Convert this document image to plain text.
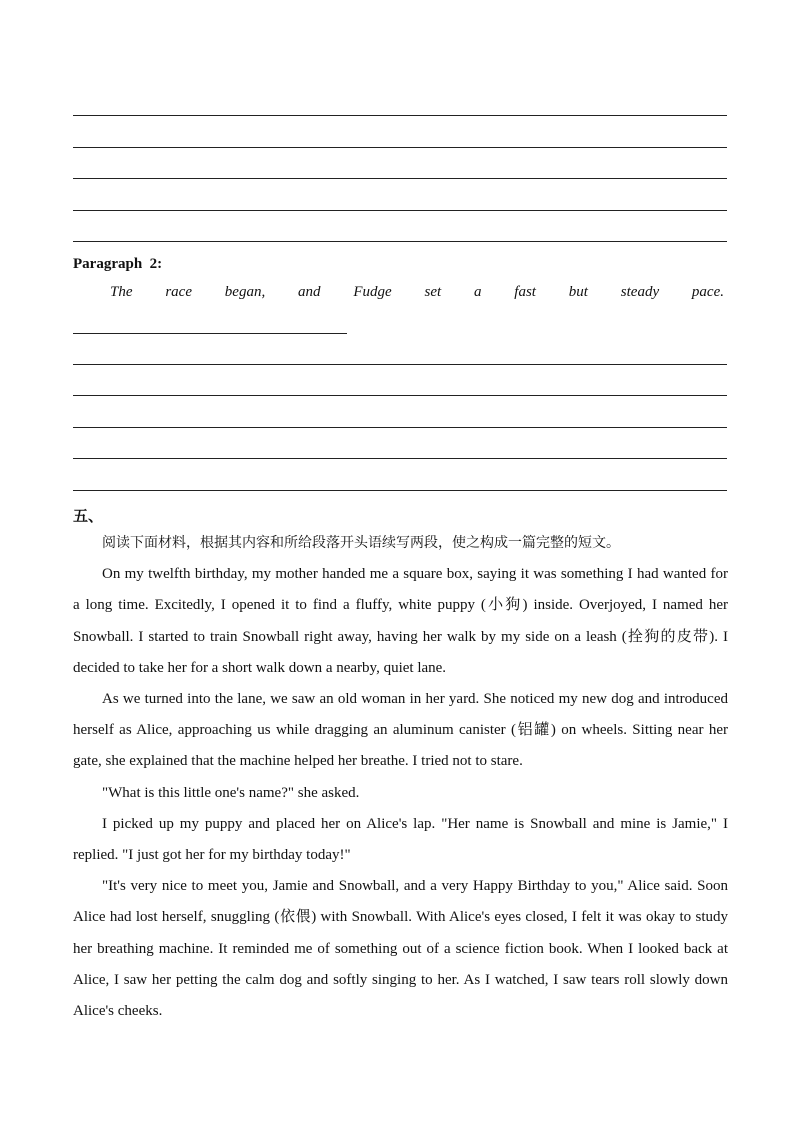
Paragraph  2:
The race began, and Fudge set a fast but steady pace.
五、

阅读下面材料，根据其内容和所给段落开头语续写两段，使之构成一篇完整的短文。

On my twelfth birthday, my mother handed me a square box, saying it was something I had wanted for a long time. Excitedly, I opened it to find a fluffy, white puppy (小狗) inside. Overjoyed, I named her Snowball. I started to train Snowball right away, having her walk by my side on a leash (拴狗的皮带). I decided to take her for a short walk down a nearby, quiet lane.

As we turned into the lane, we saw an old woman in her yard. She noticed my new dog and introduced herself as Alice, approaching us while dragging an aluminum canister (铝罐) on wheels. Sitting near her gate, she explained that the machine helped her breathe. I tried not to stare.

"What is this little one's name?" she asked.

I picked up my puppy and placed her on Alice's lap. "Her name is Snowball and mine is Jamie," I replied. "I just got her for my birthday today!"

"It's very nice to meet you, Jamie and Snowball, and a very Happy Birthday to you," Alice said. Soon Alice had lost herself, snuggling (依偎) with Snowball. With Alice's eyes closed, I felt it was okay to study her breathing machine. It reminded me of something out of a science fiction book. When I looked back at Alice, I saw her petting the calm dog and softly singing to her. As I watched, I saw tears roll slowly down Alice's cheeks.
